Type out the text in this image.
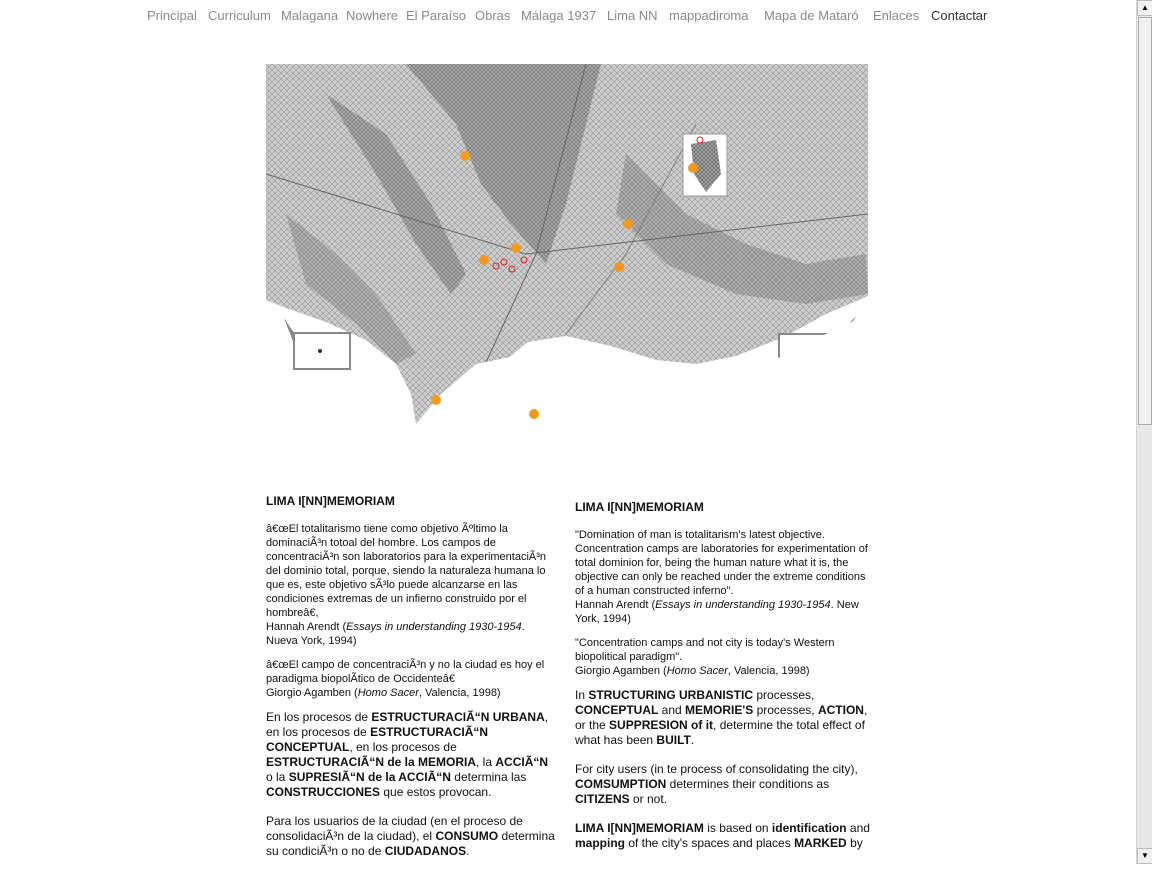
Principal Curriculum Malagana Nowhere El Paraíso Obras Málaga 1937 Lima NN mappadiroma Mapa de Mataró Enlaces Contactar
LIMA I[NN]MEMORIAM

â€œEl totalitarismo tiene como objetivo Ãºltimo la dominaciÃ³n totoal del hombre. Los campos de concentraciÃ³n son laboratorios para la experimentaciÃ³n del dominio total, porque, siendo la naturaleza humana lo que es, este objetivo sÃ³lo puede alcanzarse en las condiciones extremas de un infierno construido por el hombreâ€,
Hannah Arendt (Essays in understanding 1930-1954. Nueva York, 1994)

â€œEl campo de concentraciÃ³n y no la ciudad es hoy el paradigma biopolÃtico de Occidenteâ€
Giorgio Agamben (Homo Sacer, Valencia, 1998)

En los procesos de ESTRUCTURACIÃ“N URBANA, en los procesos de ESTRUCTURACIÃ“N CONCEPTUAL, en los procesos de ESTRUCTURACIÃ“N de la MEMORIA, la ACCIÃ“N o la SUPRESIÃ“N de la ACCIÃ“N determina las CONSTRUCCIONES que estos provocan.

Para los usuarios de la ciudad (en el proceso de consolidaciÃ³n de la ciudad), el CONSUMO determina su condiciÃ³n o no de CIUDADANOS.

LIMA I[NN]MEMORIAM

"Domination of man is totalitarism's latest objective. Concentration camps are laboratories for experimentation of total dominion for, being the human nature what it is, the objective can only be reached under the extreme conditions of a human constructed inferno".
Hannah Arendt (Essays in understanding 1930-1954. New York, 1994)

"Concentration camps and not city is today's Western biopolitical paradigm".
Giorgio Agamben (Homo Sacer, Valencia, 1998)

In STRUCTURING URBANISTIC processes, CONCEPTUAL and MEMORIE'S processes, ACTION, or the SUPPRESION of it, determine the total effect of what has been BUILT.

For city users (in te process of consolidating the city), COMSUMPTION determines their conditions as CITIZENS or not.

LIMA I[NN]MEMORIAM is based on identification and mapping of the city's spaces and places MARKED by

▲
▼
